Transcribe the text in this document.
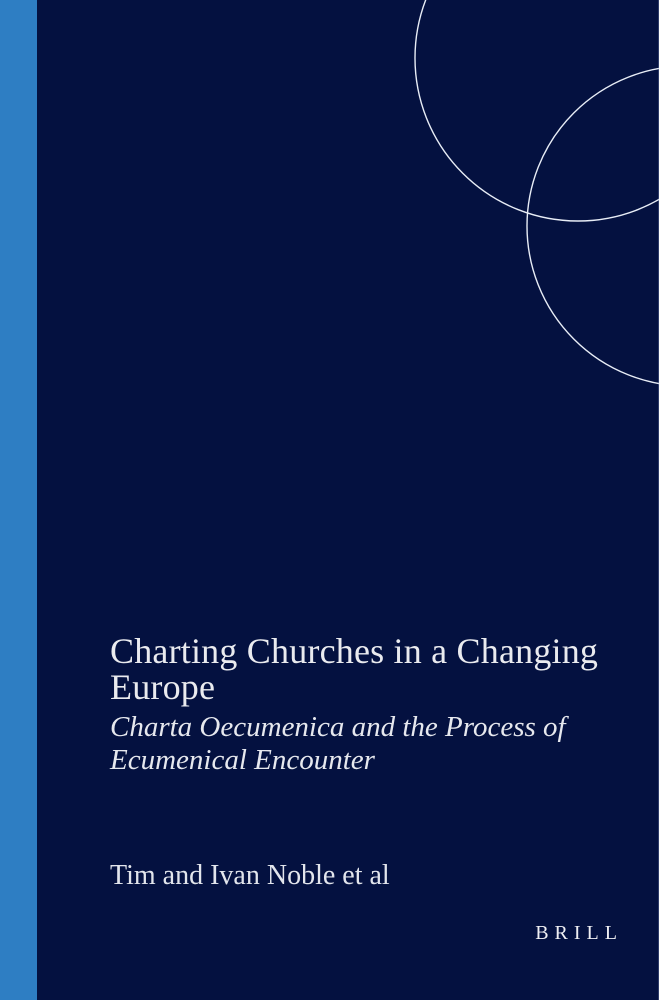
Charting Churches in a Changing Europe
Charta Oecumenica and the Process of Ecumenical Encounter
Tim and Ivan Noble et al
BRILL
